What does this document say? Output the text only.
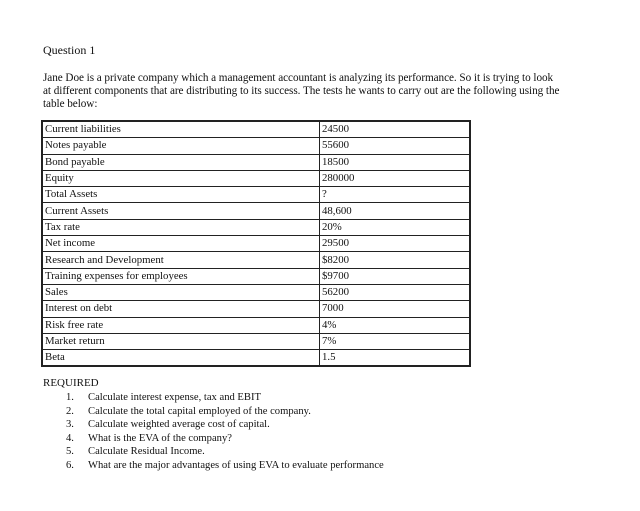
Question 1
Jane Doe is a private company which a management accountant is analyzing its performance. So it is trying to look
at different components that are distributing to its success. The tests he wants to carry out are the following using the
table below:
Current liabilities	24500
Notes payable	55600
Bond payable	18500
Equity	280000
Total Assets	?
Current Assets	48,600
Tax rate	20%
Net income	29500
Research and Development	$8200
Training expenses for employees	$9700
Sales	56200
Interest on debt	7000
Risk free rate	4%
Market return	7%
Beta	1.5
REQUIRED
1.	Calculate interest expense, tax and EBIT
2.	Calculate the total capital employed of the company.
3.	Calculate weighted average cost of capital.
4.	What is the EVA of the company?
5.	Calculate Residual Income.
6.	What are the major advantages of using EVA to evaluate performance
